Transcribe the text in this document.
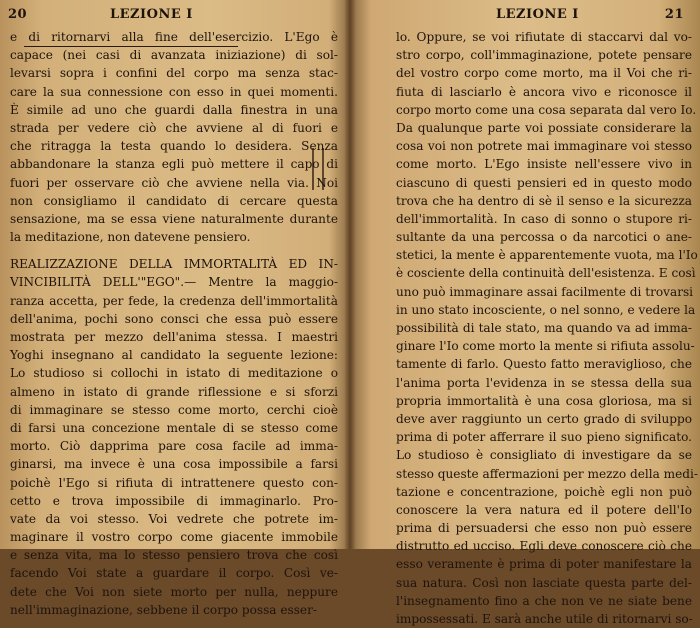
20	LEZIONE I
e di ritornarvi alla fine dell'esercizio. L'Ego è
capace (nei casi di avanzata iniziazione) di sol-
levarsi sopra i confini del corpo ma senza stac-
care la sua connessione con esso in quei momenti.
È simile ad uno che guardi dalla finestra in una
strada per vedere ciò che avviene al di fuori e
che ritragga la testa quando lo desidera. Senza
abbandonare la stanza egli può mettere il capo di
fuori per osservare ciò che avviene nella via. Noi
non consigliamo il candidato di cercare questa
sensazione, ma se essa viene naturalmente durante
la meditazione, non datevene pensiero.
REALIZZAZIONE DELLA IMMORTALITÀ ED IN-
VINCIBILITÀ DELL'"EGO".— Mentre la maggio-
ranza accetta, per fede, la credenza dell'immortalità
dell'anima, pochi sono consci che essa può essere
mostrata per mezzo dell'anima stessa. I maestri
Yoghi insegnano al candidato la seguente lezione:
Lo studioso si collochi in istato di meditazione o
almeno in istato di grande riflessione e si sforzi
di immaginare se stesso come morto, cerchi cioè
di farsi una concezione mentale di se stesso come
morto. Ciò dapprima pare cosa facile ad imma-
ginarsi, ma invece è una cosa impossibile a farsi
poichè l'Ego si rifiuta di intrattenere questo con-
cetto e trova impossibile di immaginarlo. Pro-
vate da voi stesso. Voi vedrete che potrete im-
maginare il vostro corpo come giacente immobile
e senza vita, ma lo stesso pensiero trova che così
facendo Voi state a guardare il corpo. Così ve-
dete che Voi non siete morto per nulla, neppure
nell'immaginazione, sebbene il corpo possa esser-
LEZIONE I	21
lo. Oppure, se voi rifiutate di staccarvi dal vo-
stro corpo, coll'immaginazione, potete pensare
del vostro corpo come morto, ma il Voi che ri-
fiuta di lasciarlo è ancora vivo e riconosce il
corpo morto come una cosa separata dal vero Io.
Da qualunque parte voi possiate considerare la
cosa voi non potrete mai immaginare voi stesso
come morto. L'Ego insiste nell'essere vivo in
ciascuno di questi pensieri ed in questo modo
trova che ha dentro di sè il senso e la sicurezza
dell'immortalità. In caso di sonno o stupore ri-
sultante da una percossa o da narcotici o ane-
stetici, la mente è apparentemente vuota, ma l'Io
è cosciente della continuità dell'esistenza. E così
uno può immaginare assai facilmente di trovarsi
in uno stato incosciente, o nel sonno, e vedere la
possibilità di tale stato, ma quando va ad imma-
ginare l'Io come morto la mente si rifiuta assolu-
tamente di farlo. Questo fatto meraviglioso, che
l'anima porta l'evidenza in se stessa della sua
propria immortalità è una cosa gloriosa, ma si
deve aver raggiunto un certo grado di sviluppo
prima di poter afferrare il suo pieno significato.
Lo studioso è consigliato di investigare da se
stesso queste affermazioni per mezzo della medi-
tazione e concentrazione, poichè egli non può
conoscere la vera natura ed il potere dell'Io
prima di persuadersi che esso non può essere
distrutto ed ucciso. Egli deve conoscere ciò che
esso veramente è prima di poter manifestare la
sua natura. Così non lasciate questa parte del-
l'insegnamento fino a che non ve ne siate bene
impossessati. E sarà anche utile di ritornarvi so-
